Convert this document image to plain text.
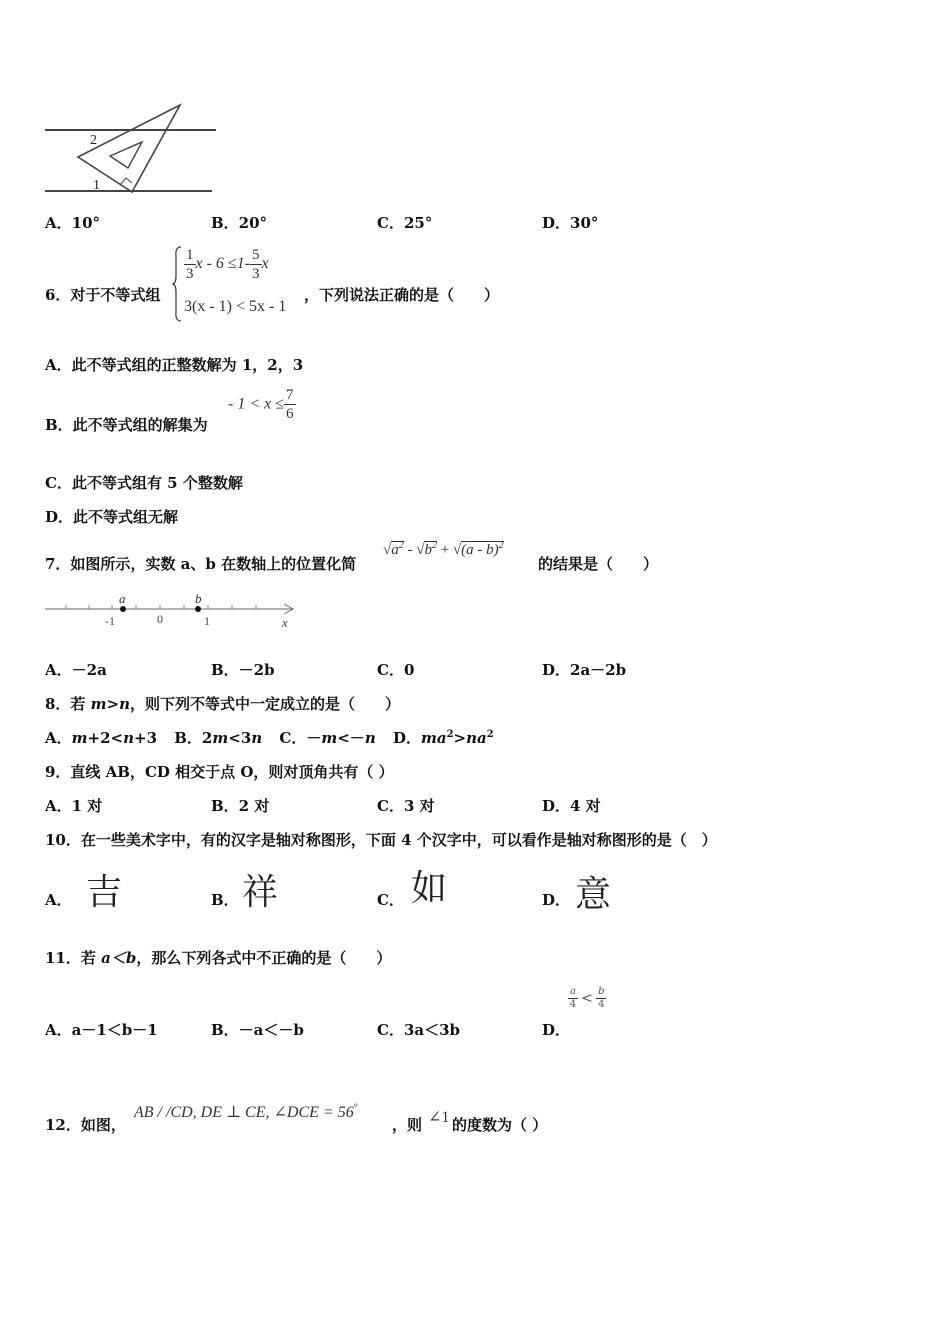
2
1
A．10°	B．20°	C．25°	D．30°
6．对于不等式组
$\frac{1}{3}$ $x - 6 \le 1- \frac{5}{3}$ x
3(x - 1) < 5x - 1
，下列说法正确的是（　　）
A．此不等式组的正整数解为 1，2，3
B．此不等式组的解集为
- $1 < x \le \frac{7}{6}$
C．此不等式组有 5 个整数解
D．此不等式组无解
7．如图所示，实数 a、b 在数轴上的位置化简
$√a^2 - √b^2 + √(a - b)^2$
的结果是（　　）
a	b
-1	0	1	x
A．－2a	B．－2b	C．0	D．2a－2b
8．若 m>n，则下列不等式中一定成立的是（　　）
A．m+2<n+3 B．2m<3n C．－m<－n D．$ma^2>na^2$
9．直线 AB，CD 相交于点 O，则对顶角共有（ ）
A．1 对	B．2 对	C．3 对	D．4 对
10．在一些美术字中，有的汉字是轴对称图形，下面 4 个汉字中，可以看作是轴对称图形的是（　）
A． 吉	B． 祥	C． 如	D． 意
11．若 a＜b，那么下列各式中不正确的是（　　）
A．a－1＜b－1	B．－a＜－b	C．3a＜3b	D．
$\frac{a}{4} < \frac{b}{4}$
12．如图，
AB / /CD, DE ⊥ CE, ∠DCE = 56°
，则 ∠1 的度数为（ ）
